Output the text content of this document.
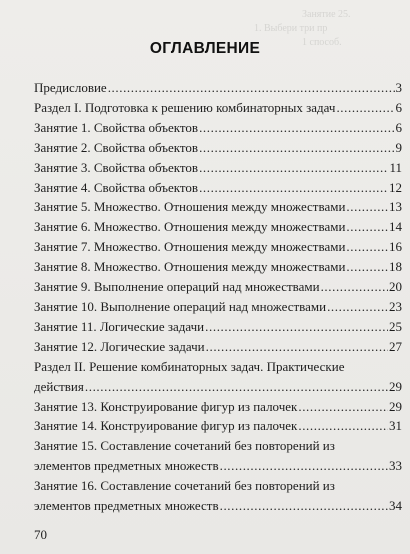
Занятие 25.
1. Выбери три пр
1 способ.
ОГЛАВЛЕНИЕ
Предисловие .....	3
Раздел I. Подготовка к решению комбинаторных задач .....	6
Занятие 1. Свойства объектов .....	6
Занятие 2. Свойства объектов .....	9
Занятие 3. Свойства объектов .....	11
Занятие 4. Свойства объектов .....	12
Занятие 5. Множество. Отношения между множествами .....	13
Занятие 6. Множество. Отношения между множествами .....	14
Занятие 7. Множество. Отношения между множествами .....	16
Занятие 8. Множество. Отношения между множествами .....	18
Занятие 9. Выполнение операций над множествами .....	20
Занятие 10. Выполнение операций над множествами .....	23
Занятие 11. Логические задачи .....	25
Занятие 12. Логические задачи .....	27
Раздел II. Решение комбинаторных задач. Практические
действия .....	29
Занятие 13. Конструирование фигур из палочек .....	29
Занятие 14. Конструирование фигур из палочек .....	31
Занятие 15. Составление сочетаний без повторений из
элементов предметных множеств .....	33
Занятие 16. Составление сочетаний без повторений из
элементов предметных множеств .....	34
70
